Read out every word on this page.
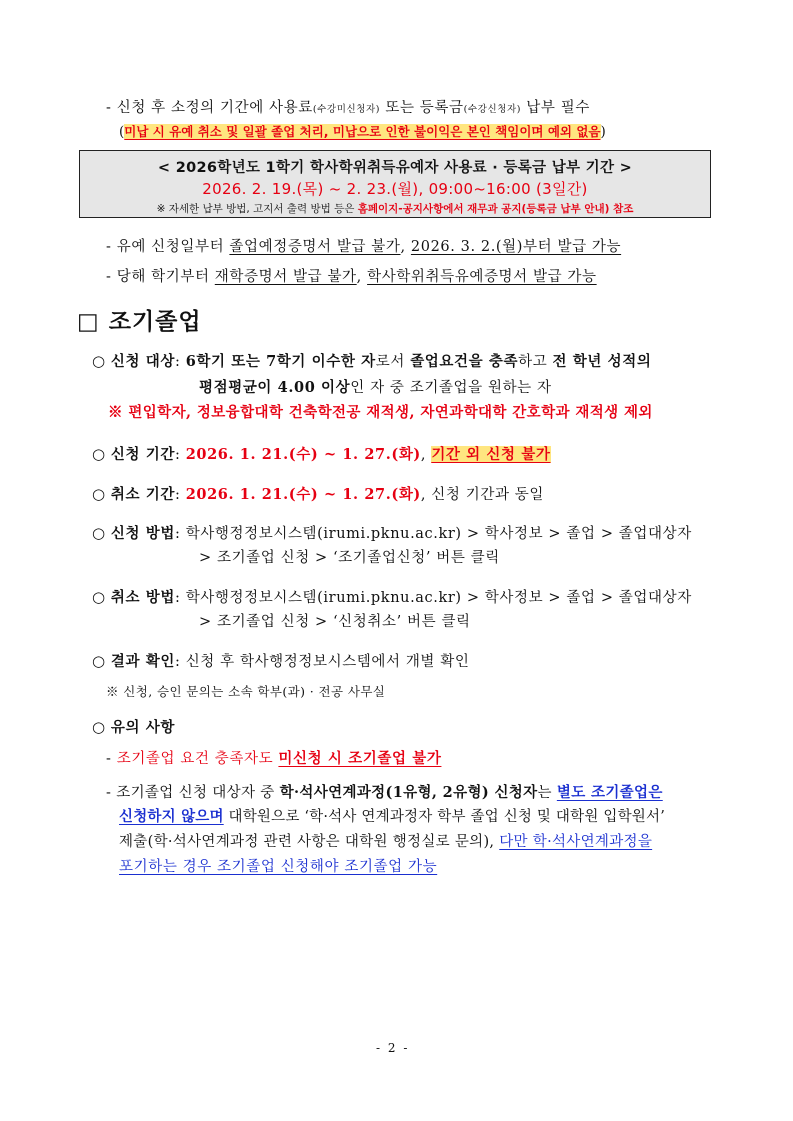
- 신청 후 소정의 기간에 사용료(수강미신청자) 또는 등록금(수강신청자) 납부 필수
(미납 시 유예 취소 및 일괄 졸업 처리, 미납으로 인한 불이익은 본인 책임이며 예외 없음)
< 2026학년도 1학기 학사학위취득유예자 사용료 · 등록금 납부 기간 >
2026. 2. 19.(목) ~ 2. 23.(월), 09:00~16:00 (3일간)
※ 자세한 납부 방법, 고지서 출력 방법 등은 홈페이지-공지사항에서 재무과 공지(등록금 납부 안내) 참조
- 유예 신청일부터 졸업예정증명서 발급 불가, 2026. 3. 2.(월)부터 발급 가능
- 당해 학기부터 재학증명서 발급 불가, 학사학위취득유예증명서 발급 가능
□ 조기졸업
○ 신청 대상: 6학기 또는 7학기 이수한 자로서 졸업요건을 충족하고 전 학년 성적의
평점평균이 4.00 이상인 자 중 조기졸업을 원하는 자
※ 편입학자, 정보융합대학 건축학전공 재적생, 자연과학대학 간호학과 재적생 제외
○ 신청 기간: 2026. 1. 21.(수) ~ 1. 27.(화), 기간 외 신청 불가
○ 취소 기간: 2026. 1. 21.(수) ~ 1. 27.(화), 신청 기간과 동일
○ 신청 방법: 학사행정정보시스템(irumi.pknu.ac.kr) > 학사정보 > 졸업 > 졸업대상자
> 조기졸업 신청 > ‘조기졸업신청’ 버튼 클릭
○ 취소 방법: 학사행정정보시스템(irumi.pknu.ac.kr) > 학사정보 > 졸업 > 졸업대상자
> 조기졸업 신청 > ‘신청취소’ 버튼 클릭
○ 결과 확인: 신청 후 학사행정정보시스템에서 개별 확인
※ 신청, 승인 문의는 소속 학부(과) · 전공 사무실
○ 유의 사항
- 조기졸업 요건 충족자도 미신청 시 조기졸업 불가
- 조기졸업 신청 대상자 중 학·석사연계과정(1유형, 2유형) 신청자는 별도 조기졸업은
신청하지 않으며 대학원으로 ‘학·석사 연계과정자 학부 졸업 신청 및 대학원 입학원서’
제출(학·석사연계과정 관련 사항은 대학원 행정실로 문의), 다만 학·석사연계과정을
포기하는 경우 조기졸업 신청해야 조기졸업 가능
- 2 -
